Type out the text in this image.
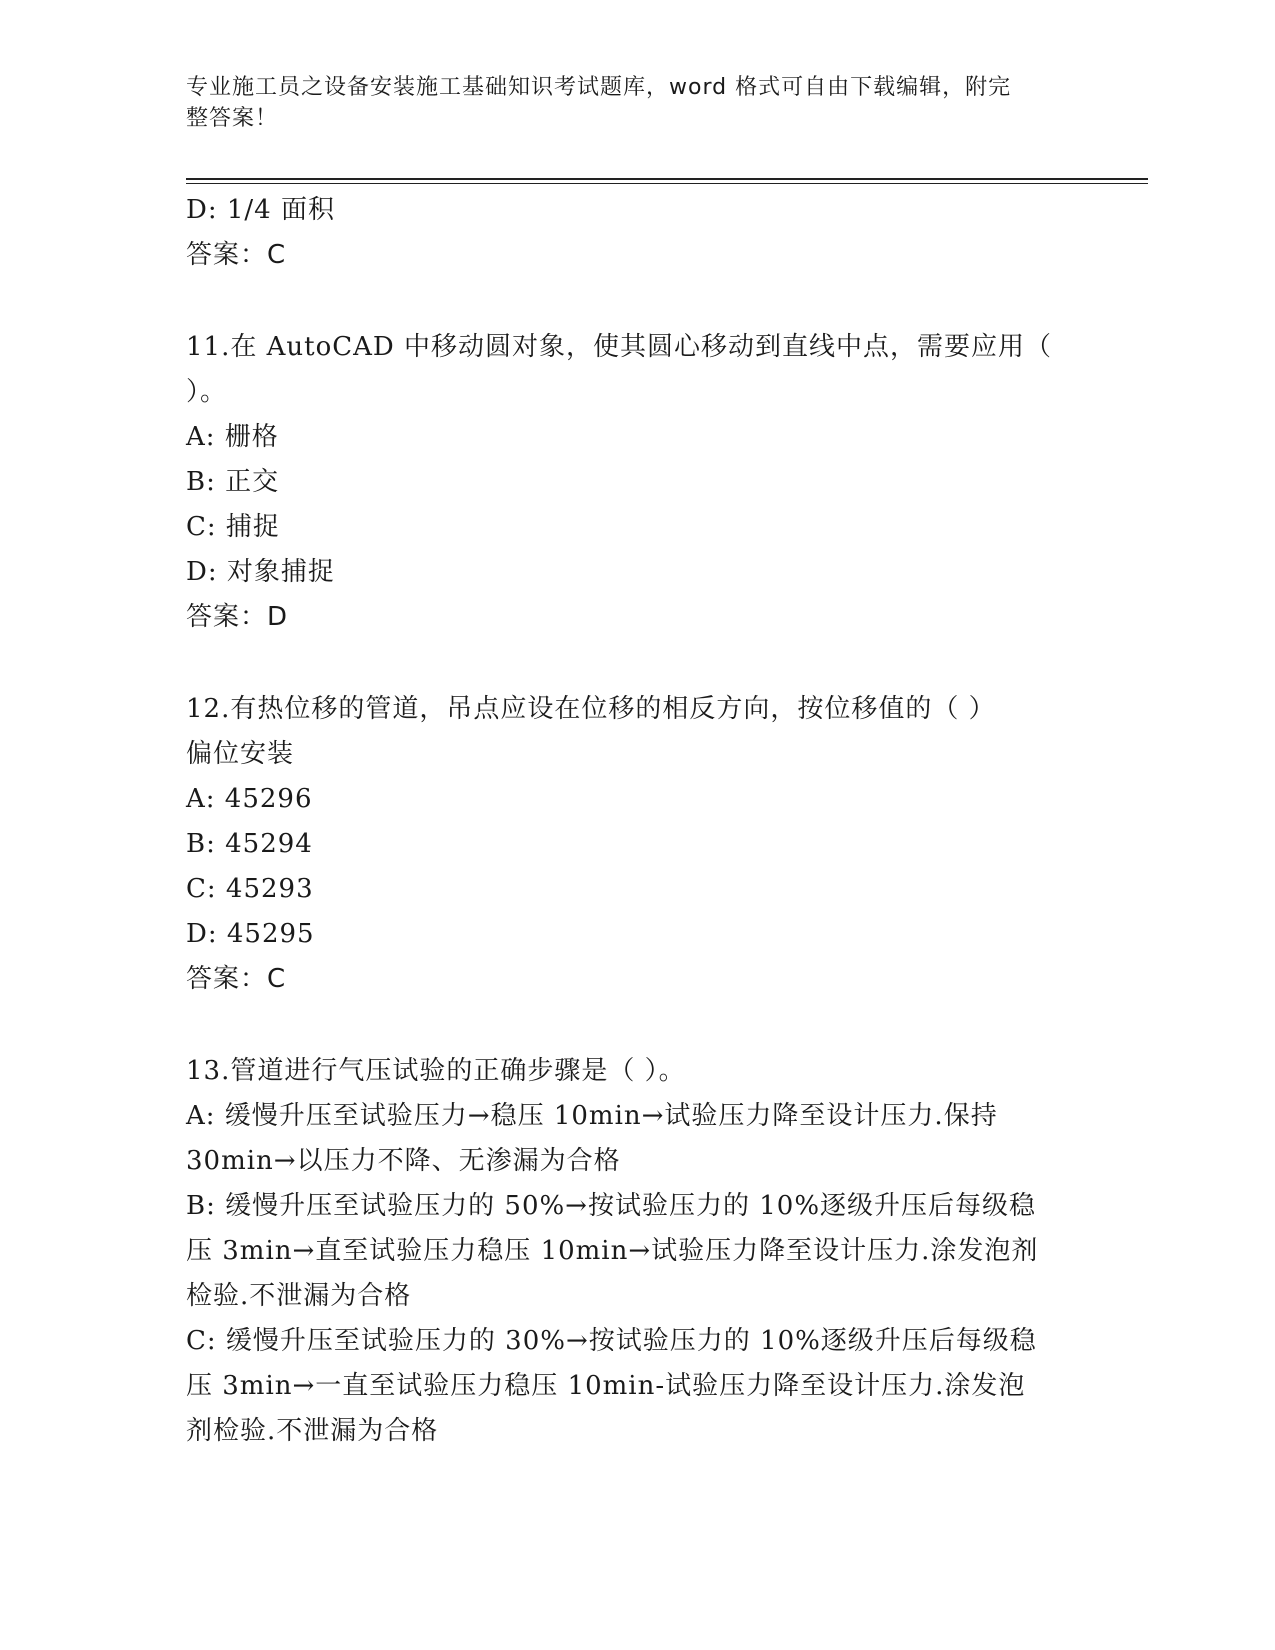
专业施工员之设备安装施工基础知识考试题库，word 格式可自由下载编辑，附完
整答案！
D: 1/4 面积
答案：C
11.在 AutoCAD 中移动圆对象，使其圆心移动到直线中点，需要应用（
）。
A: 栅格
B: 正交
C: 捕捉
D: 对象捕捉
答案：D
12.有热位移的管道，吊点应设在位移的相反方向，按位移值的（ ）
偏位安装
A: 45296
B: 45294
C: 45293
D: 45295
答案：C
13.管道进行气压试验的正确步骤是（ ）。
A: 缓慢升压至试验压力→稳压 10min→试验压力降至设计压力.保持
30min→以压力不降、无渗漏为合格
B: 缓慢升压至试验压力的 50%→按试验压力的 10%逐级升压后每级稳
压 3min→直至试验压力稳压 10min→试验压力降至设计压力.涂发泡剂
检验.不泄漏为合格
C: 缓慢升压至试验压力的 30%→按试验压力的 10%逐级升压后每级稳
压 3min→一直至试验压力稳压 10min-试验压力降至设计压力.涂发泡
剂检验.不泄漏为合格
